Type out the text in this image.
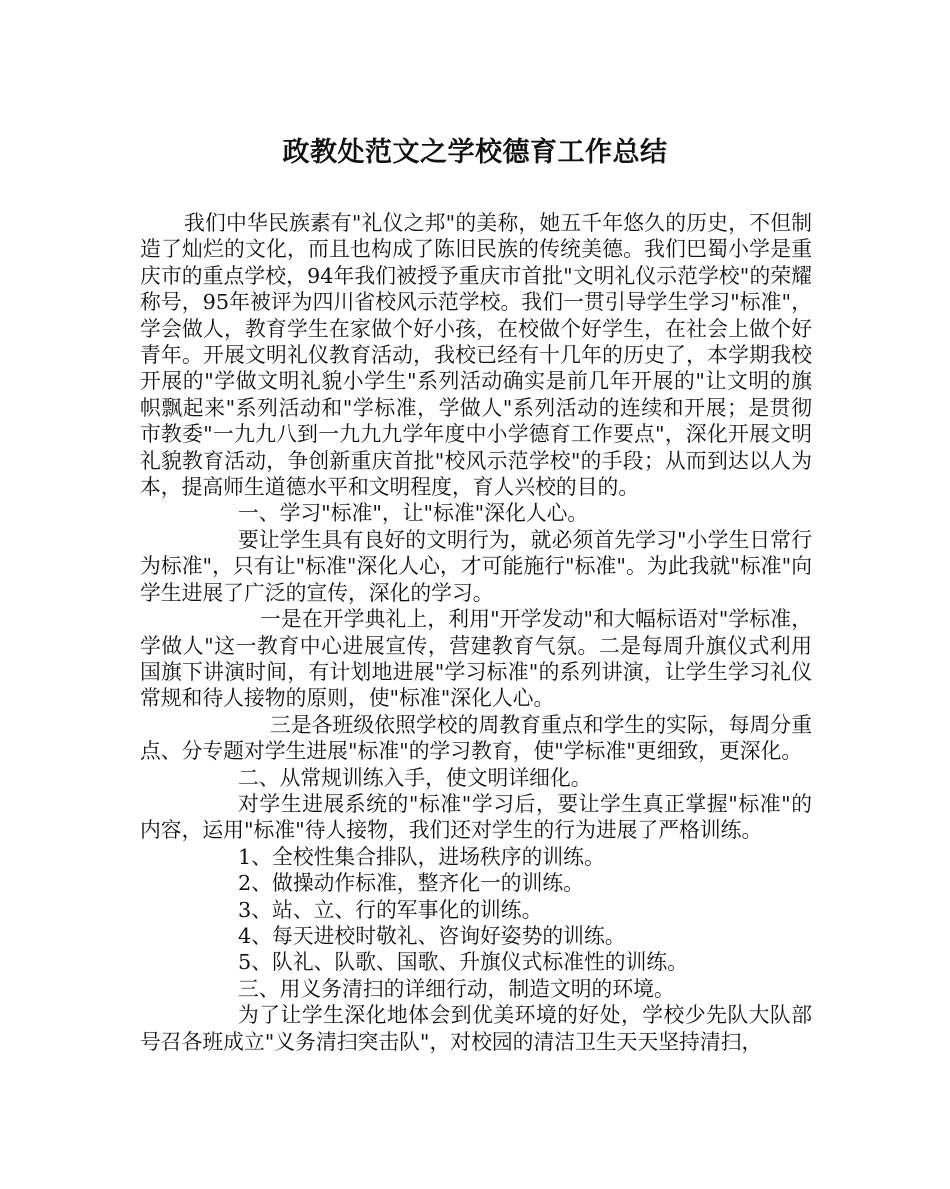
政教处范文之学校德育工作总结

我们中华民族素有"礼仪之邦"的美称，她五千年悠久的历史，不但制造了灿烂的文化，而且也构成了陈旧民族的传统美德。我们巴蜀小学是重庆市的重点学校，94年我们被授予重庆市首批"文明礼仪示范学校"的荣耀称号，95年被评为四川省校风示范学校。我们一贯引导学生学习"标准"，学会做人，教育学生在家做个好小孩，在校做个好学生，在社会上做个好青年。开展文明礼仪教育活动，我校已经有十几年的历史了，本学期我校开展的"学做文明礼貌小学生"系列活动确实是前几年开展的"让文明的旗帜飘起来"系列活动和"学标准，学做人"系列活动的连续和开展；是贯彻市教委"一九九八到一九九九学年度中小学德育工作要点"，深化开展文明礼貌教育活动，争创新重庆首批"校风示范学校"的手段；从而到达以人为本，提高师生道德水平和文明程度，育人兴校的目的。

一、学习"标准"，让"标准"深化人心。

要让学生具有良好的文明行为，就必须首先学习"小学生日常行为标准"，只有让"标准"深化人心，才可能施行"标准"。为此我就"标准"向学生进展了广泛的宣传，深化的学习。

一是在开学典礼上，利用"开学发动"和大幅标语对"学标准，学做人"这一教育中心进展宣传，营建教育气氛。二是每周升旗仪式利用国旗下讲演时间，有计划地进展"学习标准"的系列讲演，让学生学习礼仪常规和待人接物的原则，使"标准"深化人心。

三是各班级依照学校的周教育重点和学生的实际，每周分重点、分专题对学生进展"标准"的学习教育，使"学标准"更细致，更深化。

二、从常规训练入手，使文明详细化。

对学生进展系统的"标准"学习后，要让学生真正掌握"标准"的内容，运用"标准"待人接物，我们还对学生的行为进展了严格训练。

1、全校性集合排队，进场秩序的训练。

2、做操动作标准，整齐化一的训练。

3、站、立、行的军事化的训练。

4、每天进校时敬礼、咨询好姿势的训练。

5、队礼、队歌、国歌、升旗仪式标准性的训练。

三、用义务清扫的详细行动，制造文明的环境。

为了让学生深化地体会到优美环境的好处，学校少先队大队部号召各班成立"义务清扫突击队"，对校园的清洁卫生天天坚持清扫，
